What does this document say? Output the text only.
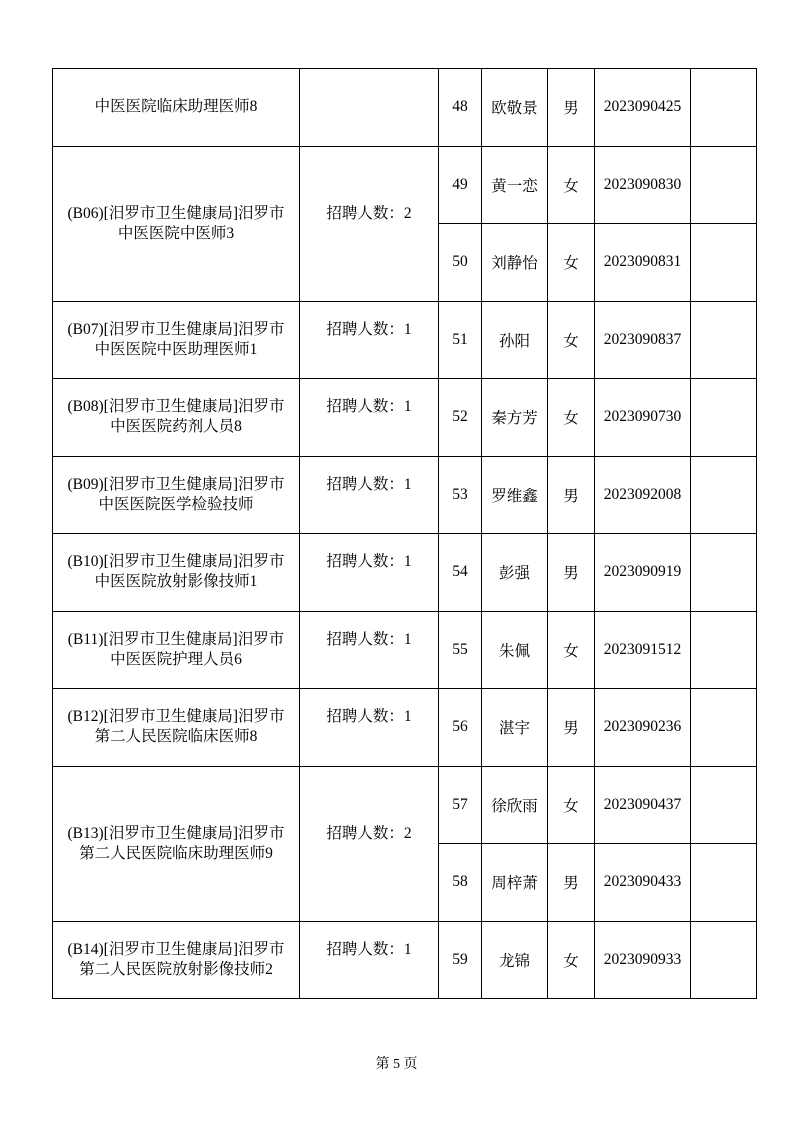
中医医院临床助理医师8		48	欧敬景	男	2023090425	

(B06)[汨罗市卫生健康局]汨罗市
中医医院中医师3	招聘人数：2	49	黄一恋	女	2023090830	
		50	刘静怡	女	2023090831	

(B07)[汨罗市卫生健康局]汨罗市
中医医院中医助理医师1	招聘人数：1	51	孙阳	女	2023090837	

(B08)[汨罗市卫生健康局]汨罗市
中医医院药剂人员8	招聘人数：1	52	秦方芳	女	2023090730	

(B09)[汨罗市卫生健康局]汨罗市
中医医院医学检验技师	招聘人数：1	53	罗维鑫	男	2023092008	

(B10)[汨罗市卫生健康局]汨罗市
中医医院放射影像技师1	招聘人数：1	54	彭强	男	2023090919	

(B11)[汨罗市卫生健康局]汨罗市
中医医院护理人员6	招聘人数：1	55	朱佩	女	2023091512	

(B12)[汨罗市卫生健康局]汨罗市
第二人民医院临床医师8	招聘人数：1	56	湛宇	男	2023090236	

(B13)[汨罗市卫生健康局]汨罗市
第二人民医院临床助理医师9	招聘人数：2	57	徐欣雨	女	2023090437	
		58	周梓萧	男	2023090433	

(B14)[汨罗市卫生健康局]汨罗市
第二人民医院放射影像技师2	招聘人数：1	59	龙锦	女	2023090933	
第 5 页
